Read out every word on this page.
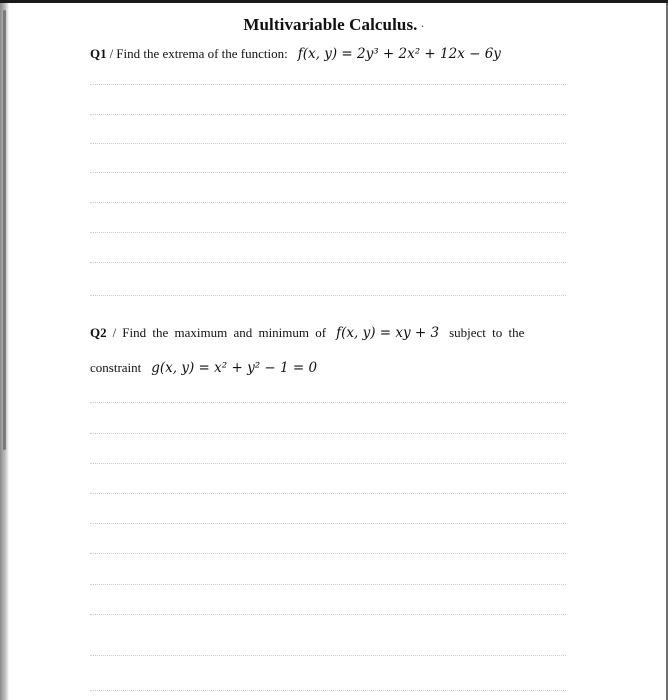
Multivariable Calculus. ·
Q1 / Find the extrema of the function: f(x, y) = 2y³ + 2x² + 12x − 6y
Q2 / Find the maximum and minimum of f(x, y) = xy + 3 subject to the
constraint g(x, y) = x² + y² − 1 = 0
